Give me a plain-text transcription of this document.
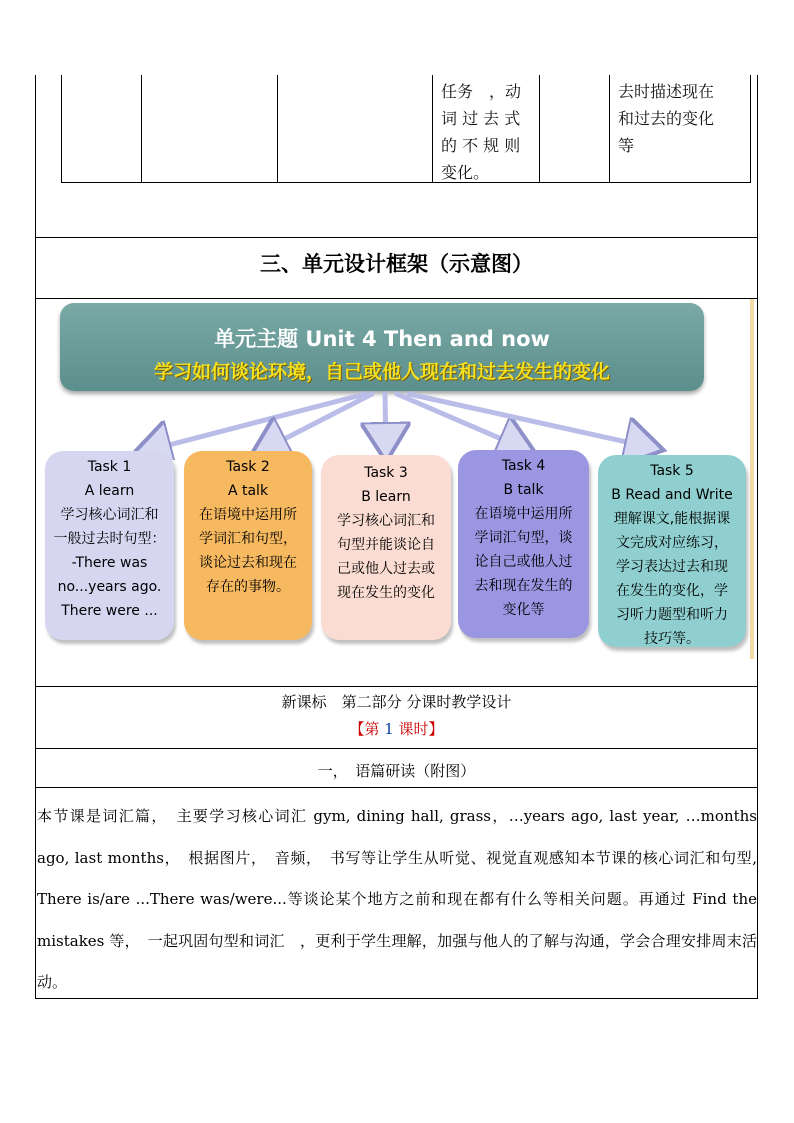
任务　，动
词 过 去 式
的 不 规 则
变化。
去时描述现在
和过去的变化
等
三、单元设计框架（示意图）
单元主题 Unit 4 Then and now
学习如何谈论环境，自己或他人现在和过去发生的变化
Task 1
A learn
学习核心词汇和
一般过去时句型：
-There was
no...years ago.
There were ...
Task 2
A talk
在语境中运用所
学词汇和句型，
谈论过去和现在
存在的事物。
Task 3
B learn
学习核心词汇和
句型并能谈论自
己或他人过去或
现在发生的变化
Task 4
B talk
在语境中运用所
学词汇句型，谈
论自己或他人过
去和现在发生的
变化等
Task 5
B Read and Write
理解课文,能根据课
文完成对应练习，
学习表达过去和现
在发生的变化，学
习听力题型和听力
技巧等。
新课标　第二部分 分课时教学设计
【第 1 课时】
一，　语篇研读（附图）
本节课是词汇篇，　主要学习核心词汇 gym, dining hall, grass，…years ago, last year, …months ago, last months，　根据图片，　音频，　书写等让学生从听觉、视觉直观感知本节课的核心词汇和句型, There is/are ...There was/were...等谈论某个地方之前和现在都有什么等相关问题。再通过 Find the mistakes 等，　一起巩固句型和词汇　，更利于学生理解，加强与他人的了解与沟通，学会合理安排周末活动。
